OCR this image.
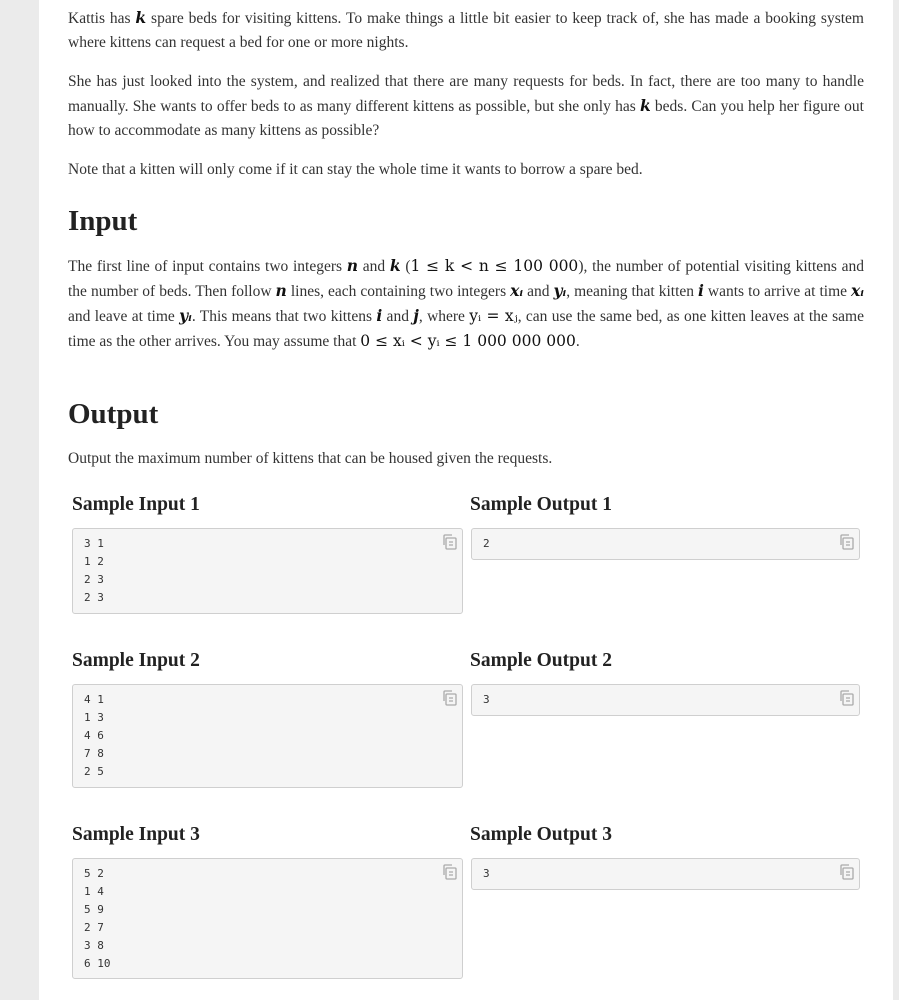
Kattis has k spare beds for visiting kittens. To make things a little bit easier to keep track of, she has made a booking system where kittens can request a bed for one or more nights.

She has just looked into the system, and realized that there are many requests for beds. In fact, there are too many to handle manually. She wants to offer beds to as many different kittens as possible, but she only has k beds. Can you help her figure out how to accommodate as many kittens as possible?

Note that a kitten will only come if it can stay the whole time it wants to borrow a spare bed.

Input

The first line of input contains two integers n and k (1 ≤ k < n ≤ 100 000), the number of potential visiting kittens and the number of beds. Then follow n lines, each containing two integers xᵢ and yᵢ, meaning that kitten i wants to arrive at time xᵢ and leave at time yᵢ. This means that two kittens i and j, where yᵢ = xⱼ, can use the same bed, as one kitten leaves at the same time as the other arrives. You may assume that 0 ≤ xᵢ < yᵢ ≤ 1 000 000 000.

Output

Output the maximum number of kittens that can be housed given the requests.

Sample Input 1	Sample Output 1
3 1
1 2
2 3
2 3
2
Sample Input 2	Sample Output 2
4 1
1 3
4 6
7 8
2 5
3
Sample Input 3	Sample Output 3
5 2
1 4
5 9
2 7
3 8
6 10
3
